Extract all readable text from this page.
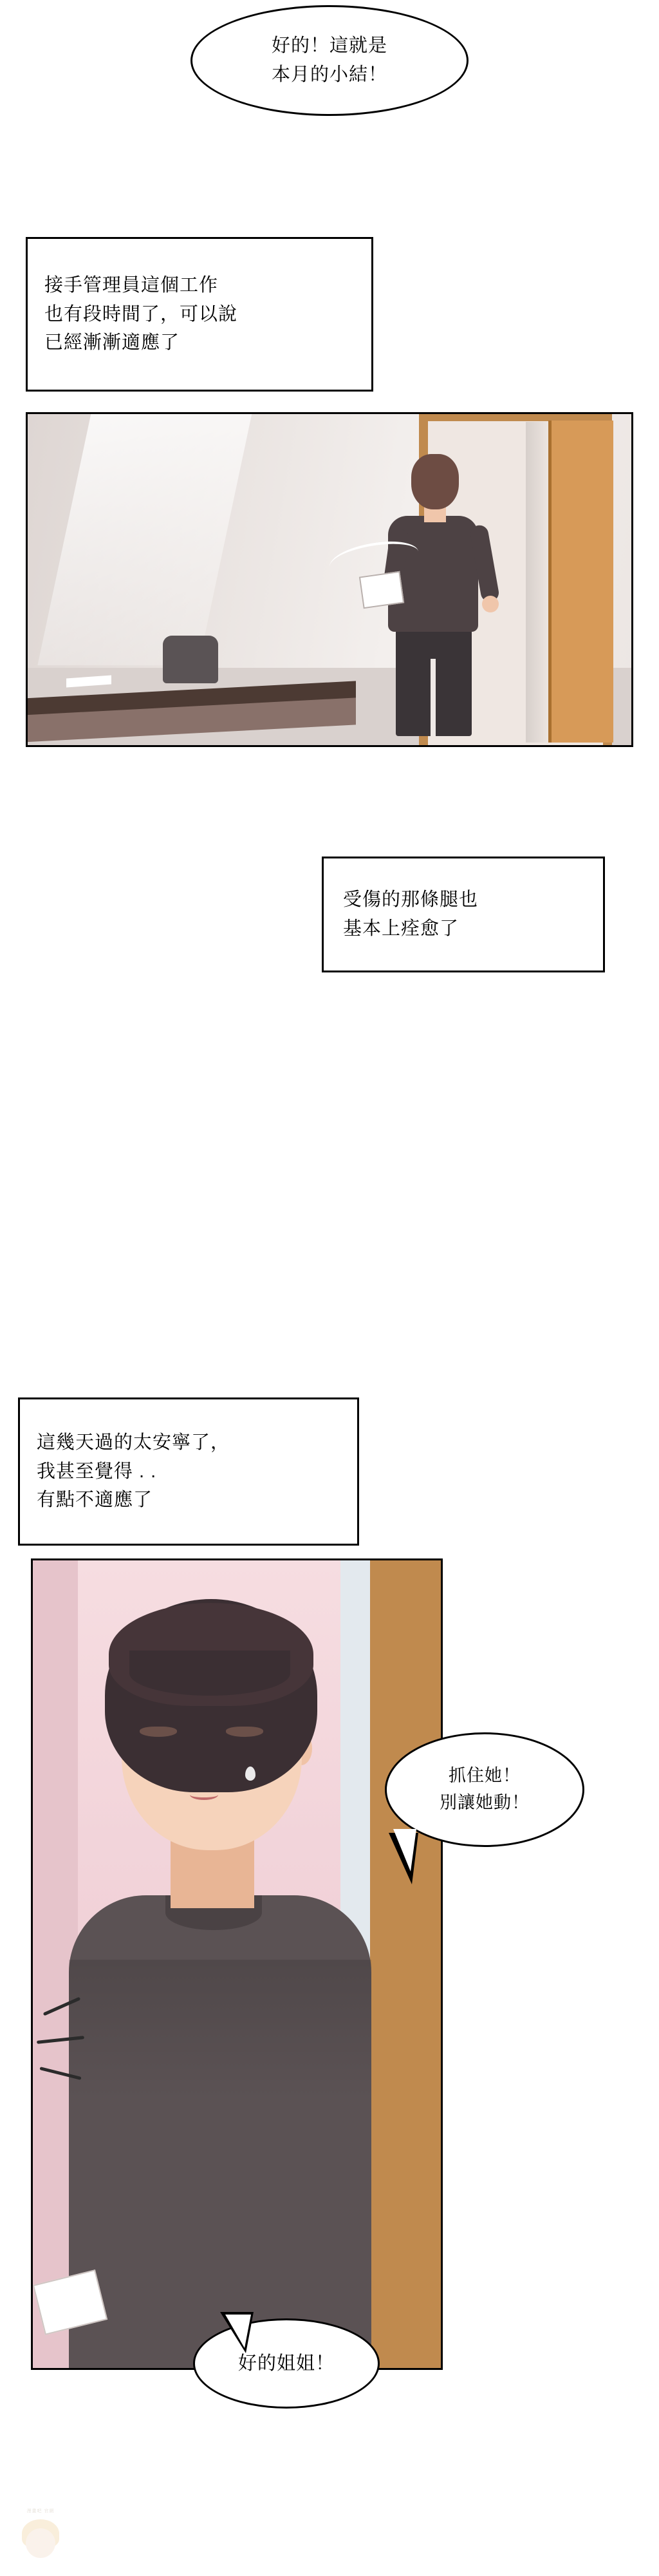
好的！這就是
本月的小結！
接手管理員這個工作
也有段時間了，可以說
已經漸漸適應了
受傷的那條腿也
基本上痊愈了
這幾天過的太安寧了，
我甚至覺得 . .
有點不適應了
抓住她！
別讓她動！
好的姐姐！
漫畫吧 官網
